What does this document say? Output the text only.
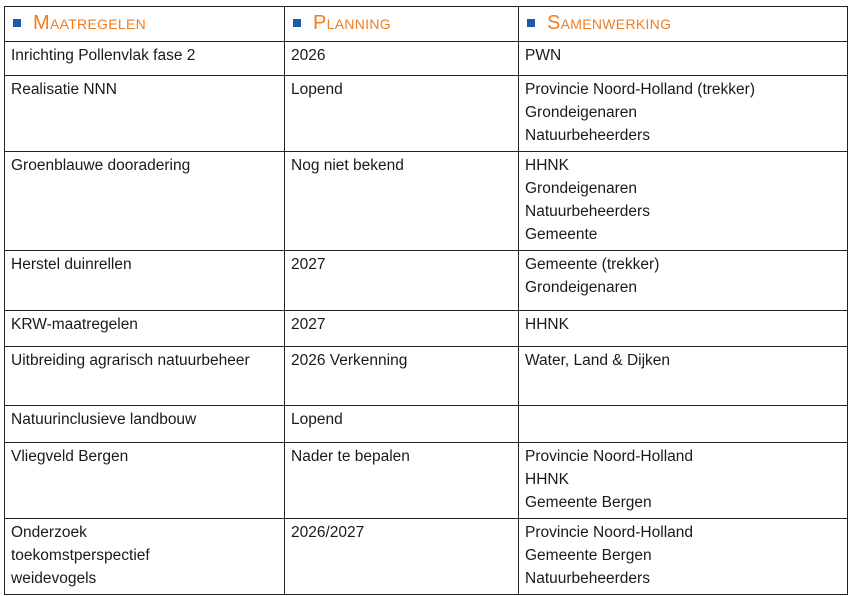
Maatregelen	Planning	Samenwerking

Inrichting Pollenvlak fase 2	2026	PWN

Realisatie NNN	Lopend	Provincie Noord-Holland (trekker)
Grondeigenaren
Natuurbeheerders

Groenblauwe dooradering	Nog niet bekend	HHNK
Grondeigenaren
Natuurbeheerders
Gemeente

Herstel duinrellen	2027	Gemeente (trekker)
Grondeigenaren

KRW-maatregelen	2027	HHNK

Uitbreiding agrarisch natuurbeheer	2026 Verkenning	Water, Land & Dijken

Natuurinclusieve landbouw	Lopend	
Vliegveld Bergen	Nader te bepalen	Provincie Noord-Holland
HHNK
Gemeente Bergen

Onderzoek toekomstperspectief weidevogels	2026/2027	Provincie Noord-Holland
Gemeente Bergen
Natuurbeheerders
